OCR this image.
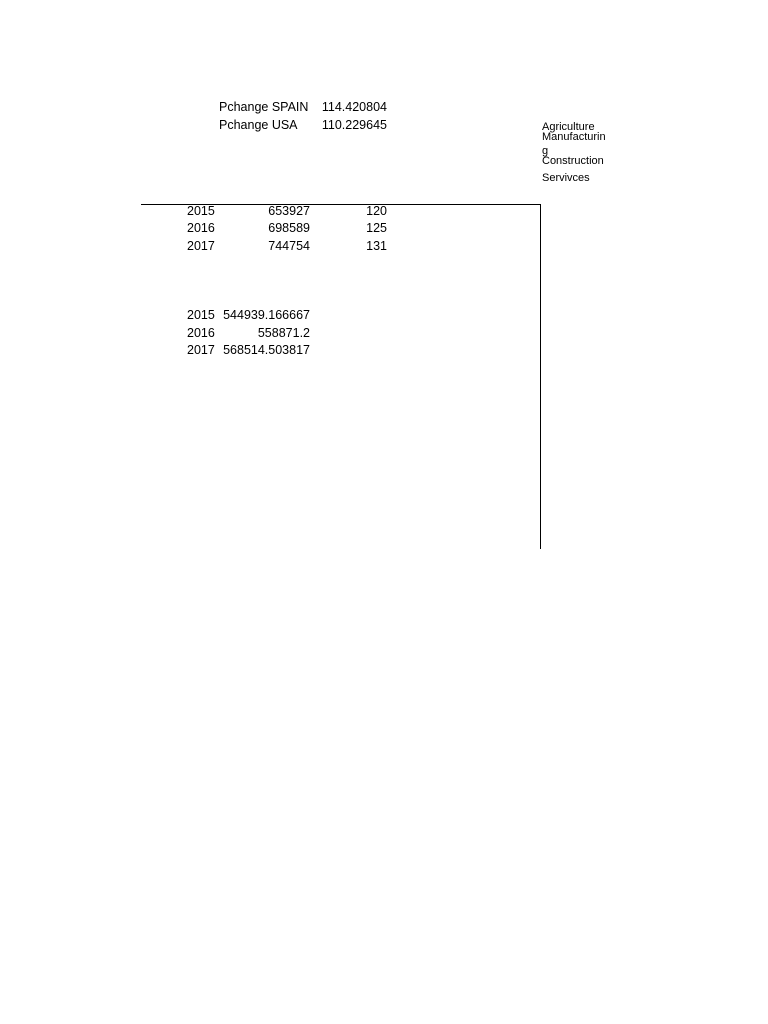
Pchange SPAIN	114.420804
Pchange USA	110.229645	Agriculture
Manufacturin
g
Construction
Servivces
2015	653927	120
2016	698589	125
2017	744754	131
2015 544939.166667
2016	558871.2
2017 568514.503817
